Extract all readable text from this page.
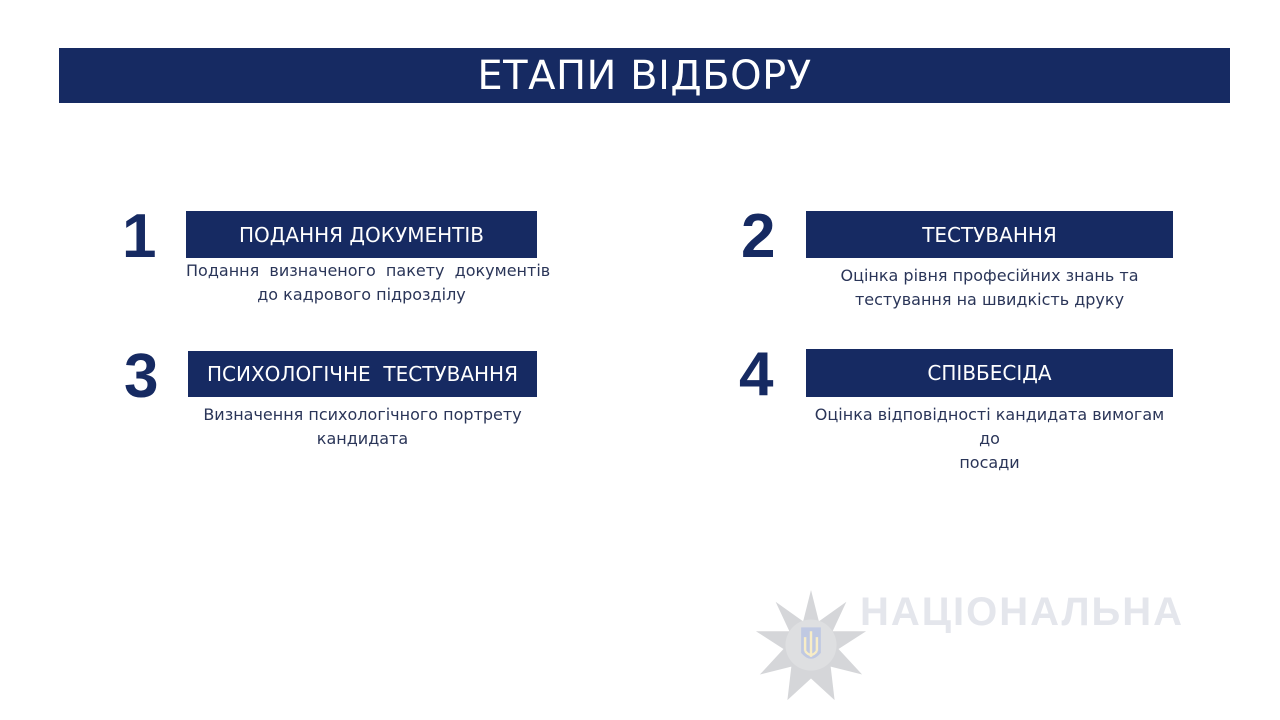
ЕТАПИ ВІДБОРУ
1	ПОДАННЯ ДОКУМЕНТІВ
Подання  визначеного  пакету  документів
до кадрового підрозділу
2	ТЕСТУВАННЯ
Оцінка рівня професійних знань та
тестування на швидкість друку
3 ПСИХОЛОГІЧНЕ  ТЕСТУВАННЯ
Визначення психологічного портрету
кандидата
4	СПІВБЕСІДА
Оцінка відповідності кандидата вимогам до
посади
НАЦІОНАЛЬНА
